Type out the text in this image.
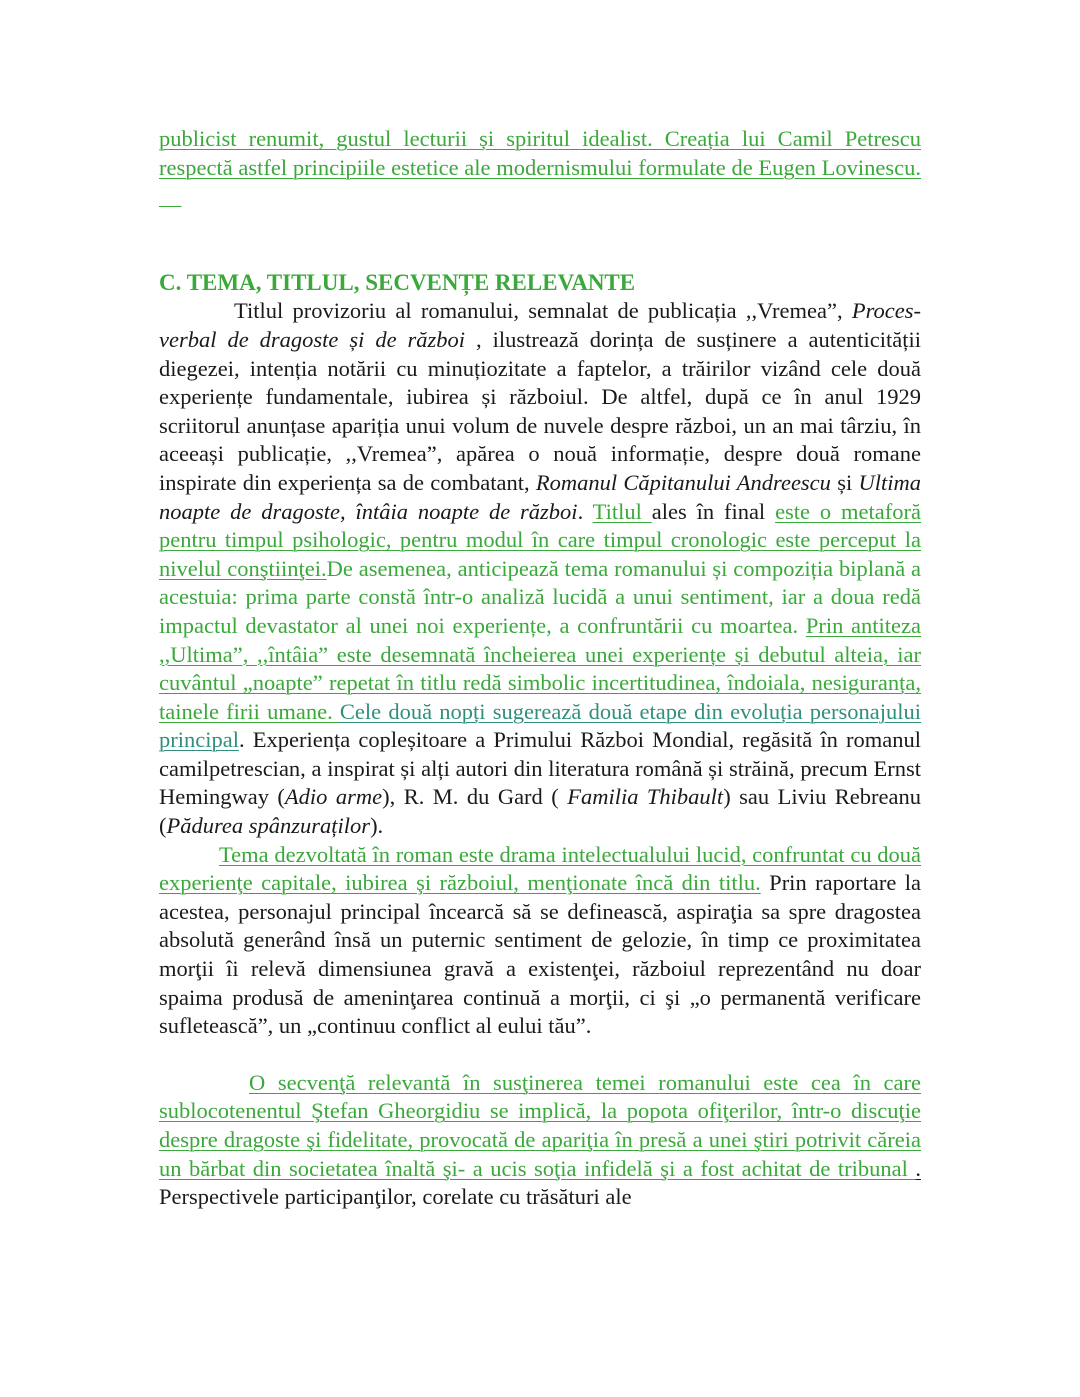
publicist renumit, gustul lecturii și spiritul idealist. Creația lui Camil Petrescu respectă astfel principiile estetice ale modernismului formulate de Eugen Lovinescu.

C. TEMA, TITLUL, SECVENȚE RELEVANTE

Titlul provizoriu al romanului, semnalat de publicația ,,Vremea”, Proces-verbal de dragoste și de război , ilustrează dorința de susținere a autenticității diegezei, intenția notării cu minuțiozitate a faptelor, a trăirilor vizând cele două experiențe fundamentale, iubirea și războiul. De altfel, după ce în anul 1929 scriitorul anunțase apariția unui volum de nuvele despre război, un an mai târziu, în aceeași publicație, ,,Vremea”, apărea o nouă informație, despre două romane inspirate din experiența sa de combatant, Romanul Căpitanului Andreescu și Ultima noapte de dragoste, întâia noapte de război. Titlul ales în final este o metaforă pentru timpul psihologic, pentru modul în care timpul cronologic este perceput la nivelul conştiinţei.De asemenea, anticipează tema romanului și compoziția biplană a acestuia: prima parte constă într-o analiză lucidă a unui sentiment, iar a doua redă impactul devastator al unei noi experiențe, a confruntării cu moartea. Prin antiteza ,,Ultima”, ,,întâia” este desemnată încheierea unei experiențe și debutul alteia, iar cuvântul „noapte” repetat în titlu redă simbolic incertitudinea, îndoiala, nesiguranța, tainele firii umane. Cele două nopți sugerează două etape din evoluția personajului principal. Experiența copleșitoare a Primului Război Mondial, regăsită în romanul camilpetrescian, a inspirat și alți autori din literatura română și străină, precum Ernst Hemingway (Adio arme), R. M. du Gard ( Familia Thibault) sau Liviu Rebreanu (Pădurea spânzuraților).

Tema dezvoltată în roman este drama intelectualului lucid, confruntat cu două experienţe capitale, iubirea şi războiul, menţionate încă din titlu. Prin raportare la acestea, personajul principal încearcă să se definească, aspiraţia sa spre dragostea absolută generând însă un puternic sentiment de gelozie, în timp ce proximitatea morţii îi relevă dimensiunea gravă a existenţei, războiul reprezentând nu doar spaima produsă de ameninţarea continuă a morţii, ci şi „o permanentă verificare sufletească”, un „continuu conflict al eului tău”.

O secvenţă relevantă în susţinerea temei romanului este cea în care sublocotenentul Ştefan Gheorgidiu se implică, la popota ofiţerilor, într-o discuţie despre dragoste şi fidelitate, provocată de apariţia în presă a unei ştiri potrivit căreia un bărbat din societatea înaltă şi- a ucis soţia infidelă şi a fost achitat de tribunal . Perspectivele participanţilor, corelate cu trăsături ale
